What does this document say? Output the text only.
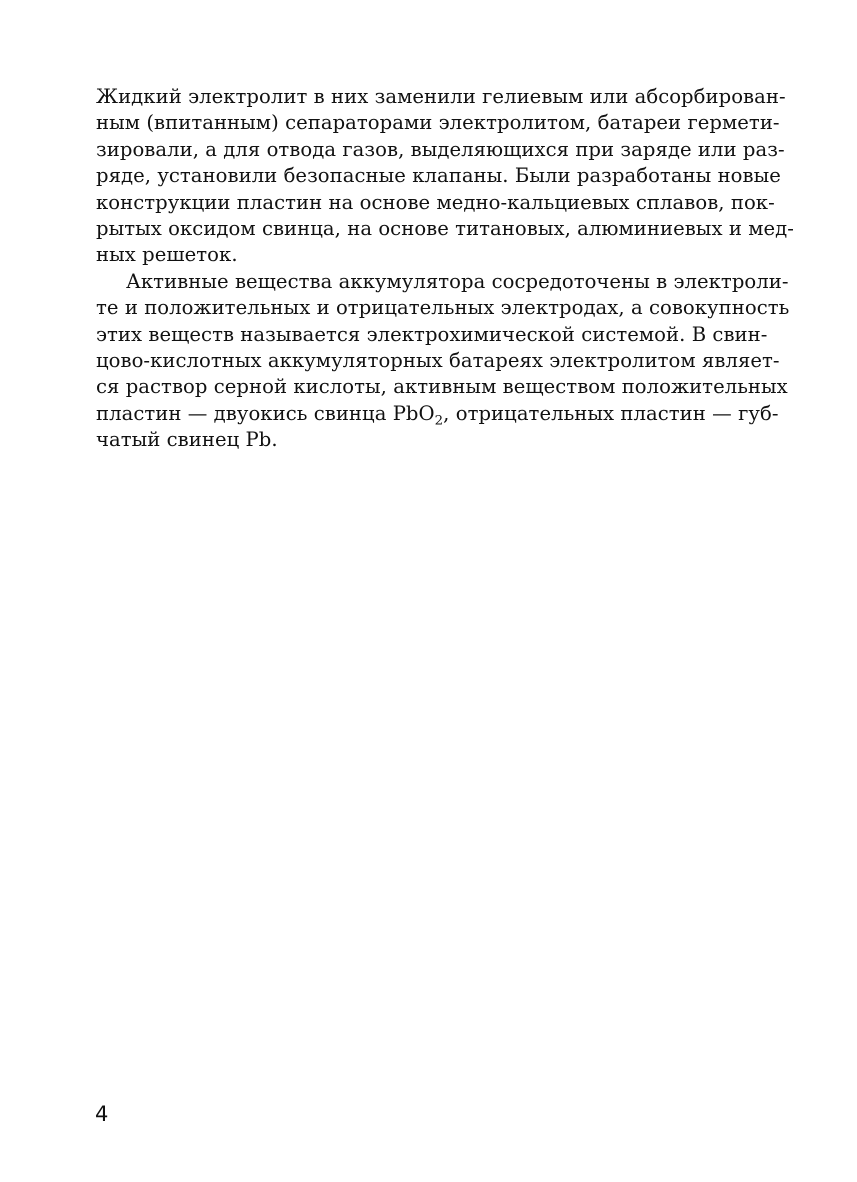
Жидкий электролит в них заменили гелиевым или абсорбирован-
ным (впитанным) сепараторами электролитом, батареи гермети-
зировали, а для отвода газов, выделяющихся при заряде или раз-
ряде, установили безопасные клапаны. Были разработаны новые
конструкции пластин на основе медно-кальциевых сплавов, пок-
рытых оксидом свинца, на основе титановых, алюминиевых и мед-
ных решеток.
Активные вещества аккумулятора сосредоточены в электроли-
те и положительных и отрицательных электродах, а совокупность
этих веществ называется электрохимической системой. В свин-
цово-кислотных аккумуляторных батареях электролитом являет-
ся раствор серной кислоты, активным веществом положительных
пластин — двуокись свинца PbO$_2$, отрицательных пластин — губ-
чатый свинец Pb.
4
